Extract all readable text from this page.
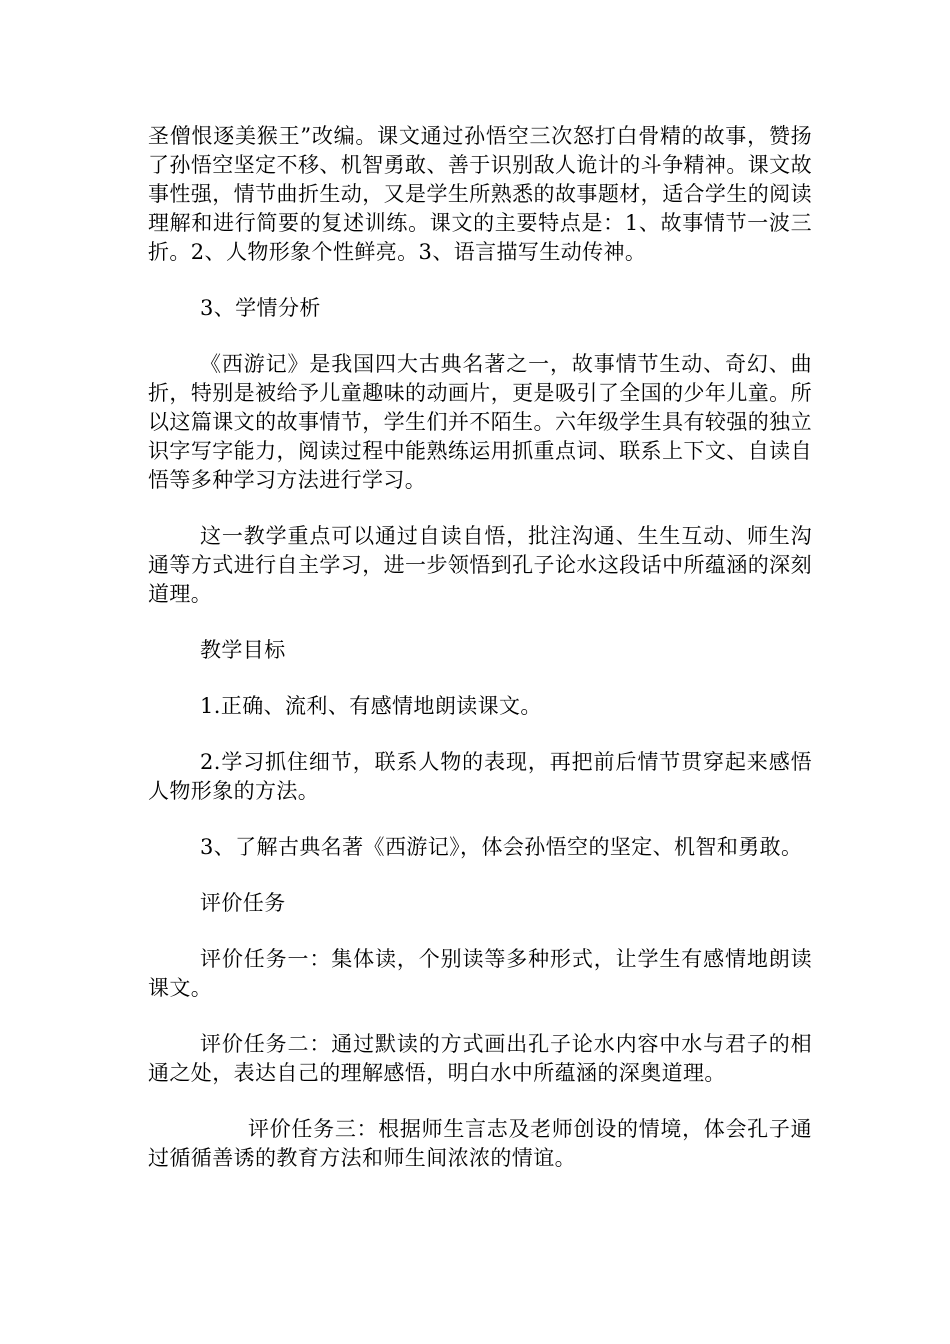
圣僧恨逐美猴王”改编。课文通过孙悟空三次怒打白骨精的故事，赞扬了孙悟空坚定不移、机智勇敢、善于识别敌人诡计的斗争精神。课文故事性强，情节曲折生动，又是学生所熟悉的故事题材，适合学生的阅读理解和进行简要的复述训练。课文的主要特点是：1、故事情节一波三折。2、人物形象个性鲜亮。3、语言描写生动传神。

3、学情分析

《西游记》是我国四大古典名著之一，故事情节生动、奇幻、曲折，特别是被给予儿童趣味的动画片，更是吸引了全国的少年儿童。所以这篇课文的故事情节，学生们并不陌生。六年级学生具有较强的独立识字写字能力，阅读过程中能熟练运用抓重点词、联系上下文、自读自悟等多种学习方法进行学习。

这一教学重点可以通过自读自悟，批注沟通、生生互动、师生沟通等方式进行自主学习，进一步领悟到孔子论水这段话中所蕴涵的深刻道理。

教学目标

1.正确、流利、有感情地朗读课文。

2.学习抓住细节，联系人物的表现，再把前后情节贯穿起来感悟人物形象的方法。

3、了解古典名著《西游记》，体会孙悟空的坚定、机智和勇敢。

评价任务

评价任务一：集体读，个别读等多种形式，让学生有感情地朗读课文。

评价任务二：通过默读的方式画出孔子论水内容中水与君子的相通之处，表达自己的理解感悟，明白水中所蕴涵的深奥道理。

评价任务三：根据师生言志及老师创设的情境，体会孔子通过循循善诱的教育方法和师生间浓浓的情谊。
